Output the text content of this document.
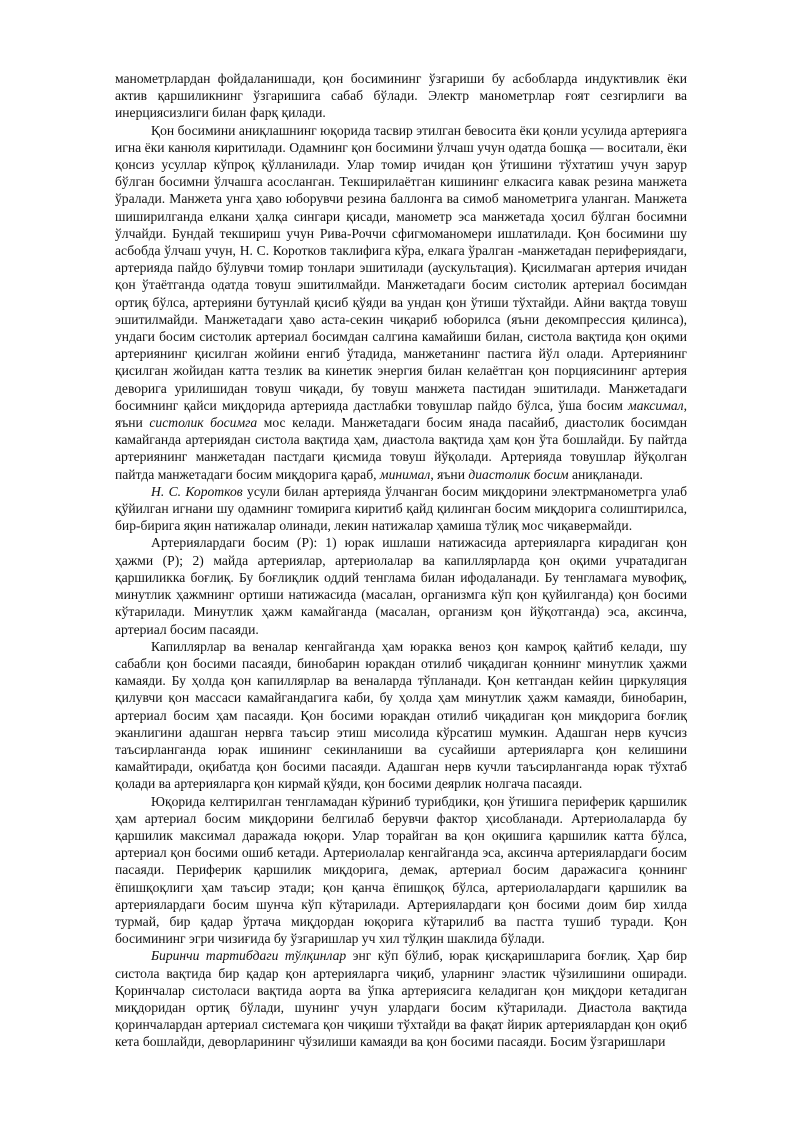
манометрлардан фойдаланишади, қон босимининг ўзгариши бу асбобларда индуктивлик ёки актив қаршиликнинг ўзгаришига сабаб бўлади. Электр манометрлар ғоят сезгирлиги ва инерциясизлиги билан фарқ қилади.

Қон босимини аниқлашнинг юқорида тасвир этилган бевосита ёки қонли усулида артерияга игна ёки канюля киритилади. Одамнинг қон босимини ўлчаш учун одатда бошқа — воситали, ёки қонсиз усуллар кўпроқ қўлланилади. Улар томир ичидан қон ўтишини тўхтатиш учун зарур бўлган босимни ўлчашга асосланган. Текширилаётган кишининг елкасига кавак резина манжета ўралади. Манжета унга ҳаво юборувчи резина баллонга ва симоб манометрига уланган. Манжета шиширилганда елкани ҳалқа сингари қисади, манометр эса манжетада ҳосил бўлган босимни ўлчайди. Бундай текшириш учун Рива-Роччи сфигмоманомери ишлатилади. Қон босимини шу асбобда ўлчаш учун, Н. С. Коротков таклифига кўра, елкага ўралган -манжетадан перифериядаги, артерияда пайдо бўлувчи томир тонлари эшитилади (аускультация). Қисилмаган артерия ичидан қон ўтаётганда одатда товуш эшитилмайди. Манжетадаги босим систолик артериал босимдан ортиқ бўлса, артерияни бутунлай қисиб қўяди ва ундан қон ўтиши тўхтайди. Айни вақтда товуш эшитилмайди. Манжетадаги ҳаво аста-секин чиқариб юборилса (яъни декомпрессия қилинса), ундаги босим систолик артериал босимдан салгина камайиши билан, систола вақтида қон оқими артериянинг қисилган жойини енгиб ўтадида, манжетанинг пастига йўл олади. Артериянинг қисилган жойидан катта тезлик ва кинетик энергия билан келаётган қон порциясининг артерия деворига урилишидан товуш чиқади, бу товуш манжета пастидан эшитилади. Манжетадаги босимнинг қайси миқдорида артерияда дастлабки товушлар пайдо бўлса, ўша босим максимал, яъни систолик босимга мос келади. Манжетадаги босим янада пасайиб, диастолик босимдан камайганда артериядан систола вақтида ҳам, диастола вақтида ҳам қон ўта бошлайди. Бу пайтда артериянинг манжетадан пастдаги қисмида товуш йўқолади. Артерияда товушлар йўқолган пайтда манжетадаги босим миқдорига қараб, минимал, яъни диастолик босим аниқланади.

Н. С. Коротков усули билан артерияда ўлчанган босим миқдорини электрманометрга улаб қўйилган игнани шу одамнинг томирига киритиб қайд қилинган босим миқдорига солиштирилса, бир-бирига яқин натижалар олинади, лекин натижалар ҳамиша тўлиқ мос чиқавермайди.

Артериялардаги босим (Р): 1) юрак ишлаши натижасида артерияларга кирадиган қон ҳажми (Р); 2) майда артериялар, артериолалар ва капиллярларда қон оқими учратадиган қаршиликка боғлиқ. Бу боғлиқлик оддий тенглама билан ифодаланади. Бу тенгламага мувофиқ, минутлик ҳажмнинг ортиши натижасида (масалан, организмга кўп қон қуйилганда) қон босими кўтарилади. Минутлик ҳажм камайганда (масалан, организм қон йўқотганда) эса, аксинча, артериал босим пасаяди.

Капиллярлар ва веналар кенгайганда ҳам юракка веноз қон камроқ қайтиб келади, шу сабабли қон босими пасаяди, бинобарин юракдан отилиб чиқадиган қоннинг минутлик ҳажми камаяди. Бу ҳолда қон капиллярлар ва веналарда тўпланади. Қон кетгандан кейин циркуляция қилувчи қон массаси камайгандагига каби, бу ҳолда ҳам минутлик ҳажм камаяди, бинобарин, артериал босим ҳам пасаяди. Қон босими юракдан отилиб чиқадиган қон миқдорига боғлиқ эканлигини адашган нервга таъсир этиш мисолида кўрсатиш мумкин. Адашган нерв кучсиз таъсирланганда юрак ишининг секинланиши ва сусайиши артерияларга қон келишини камайтиради, оқибатда қон босими пасаяди. Адашган нерв кучли таъсирланганда юрак тўхтаб қолади ва артерияларга қон кирмай қўяди, қон босими деярлик нолгача пасаяди.

Юқорида келтирилган тенгламадан кўриниб турибдики, қон ўтишига периферик қаршилик ҳам артериал босим миқдорини белгилаб берувчи фактор ҳисобланади. Артериолаларда бу қаршилик максимал даражада юқори. Улар торайган ва қон оқишига қаршилик катта бўлса, артериал қон босими ошиб кетади. Артериолалар кенгайганда эса, аксинча артериялардаги босим пасаяди. Периферик қаршилик миқдорига, демак, артериал босим даражасига қоннинг ёпишқоқлиги ҳам таъсир этади; қон қанча ёпишқоқ бўлса, артериолалардаги қаршилик ва артериялардаги босим шунча кўп кўтарилади. Артериялардаги қон босими доим бир хилда турмай, бир қадар ўртача миқдордан юқорига кўтарилиб ва пастга тушиб туради. Қон босимининг эгри чизиғида бу ўзгаришлар уч хил тўлқин шаклида бўлади.

Биринчи тартибдаги тўлқинлар энг кўп бўлиб, юрак қисқаришларига боғлиқ. Ҳар бир систола вақтида бир қадар қон артерияларга чиқиб, уларнинг эластик чўзилишини оширади. Қоринчалар систоласи вақтида аорта ва ўпка артериясига келадиган қон миқдори кетадиган миқдоридан ортиқ бўлади, шунинг учун улардаги босим кўтарилади. Диастола вақтида қоринчалардан артериал системага қон чиқиши тўхтайди ва фақат йирик артериялардан қон оқиб кета бошлайди, деворларининг чўзилиши камаяди ва қон босими пасаяди. Босим ўзгаришлари
